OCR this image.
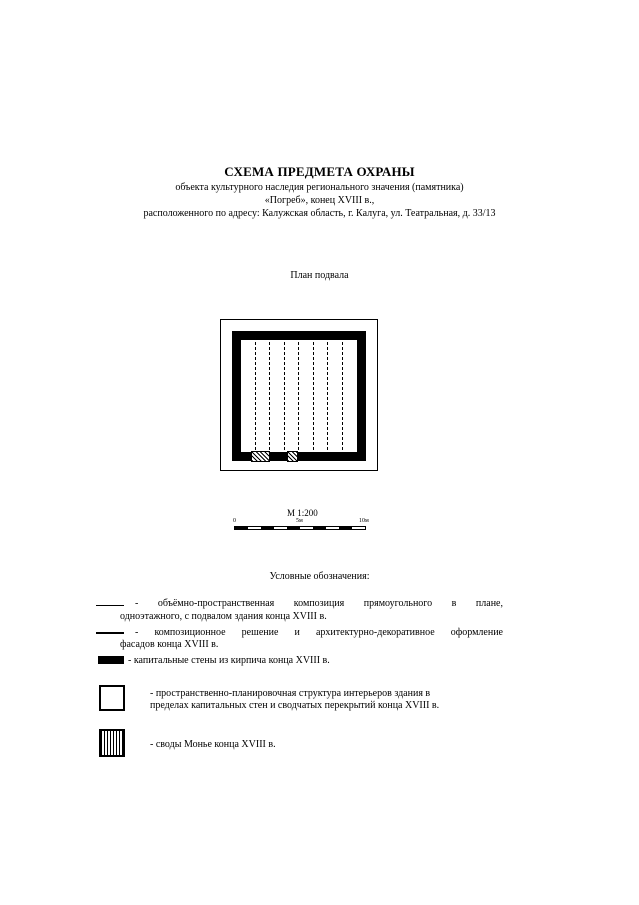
СХЕМА ПРЕДМЕТА ОХРАНЫ
объекта культурного наследия регионального значения (памятника)
«Погреб», конец XVIII в.,
расположенного по адресу: Калужская область, г. Калуга, ул. Театральная, д. 33/13
План подвала
М 1:200
0	5м	10м
Условные обозначения:
- объёмно-пространственная композиция прямоугольного в плане,
одноэтажного, с подвалом здания конца XVIII в.
- композиционное решение и архитектурно-декоративное оформление
фасадов конца XVIII в.
- капитальные стены из кирпича конца XVIII в.
- пространственно-планировочная структура интерьеров здания в
пределах капитальных стен и сводчатых перекрытий конца XVIII в.
- своды Монье конца XVIII в.
